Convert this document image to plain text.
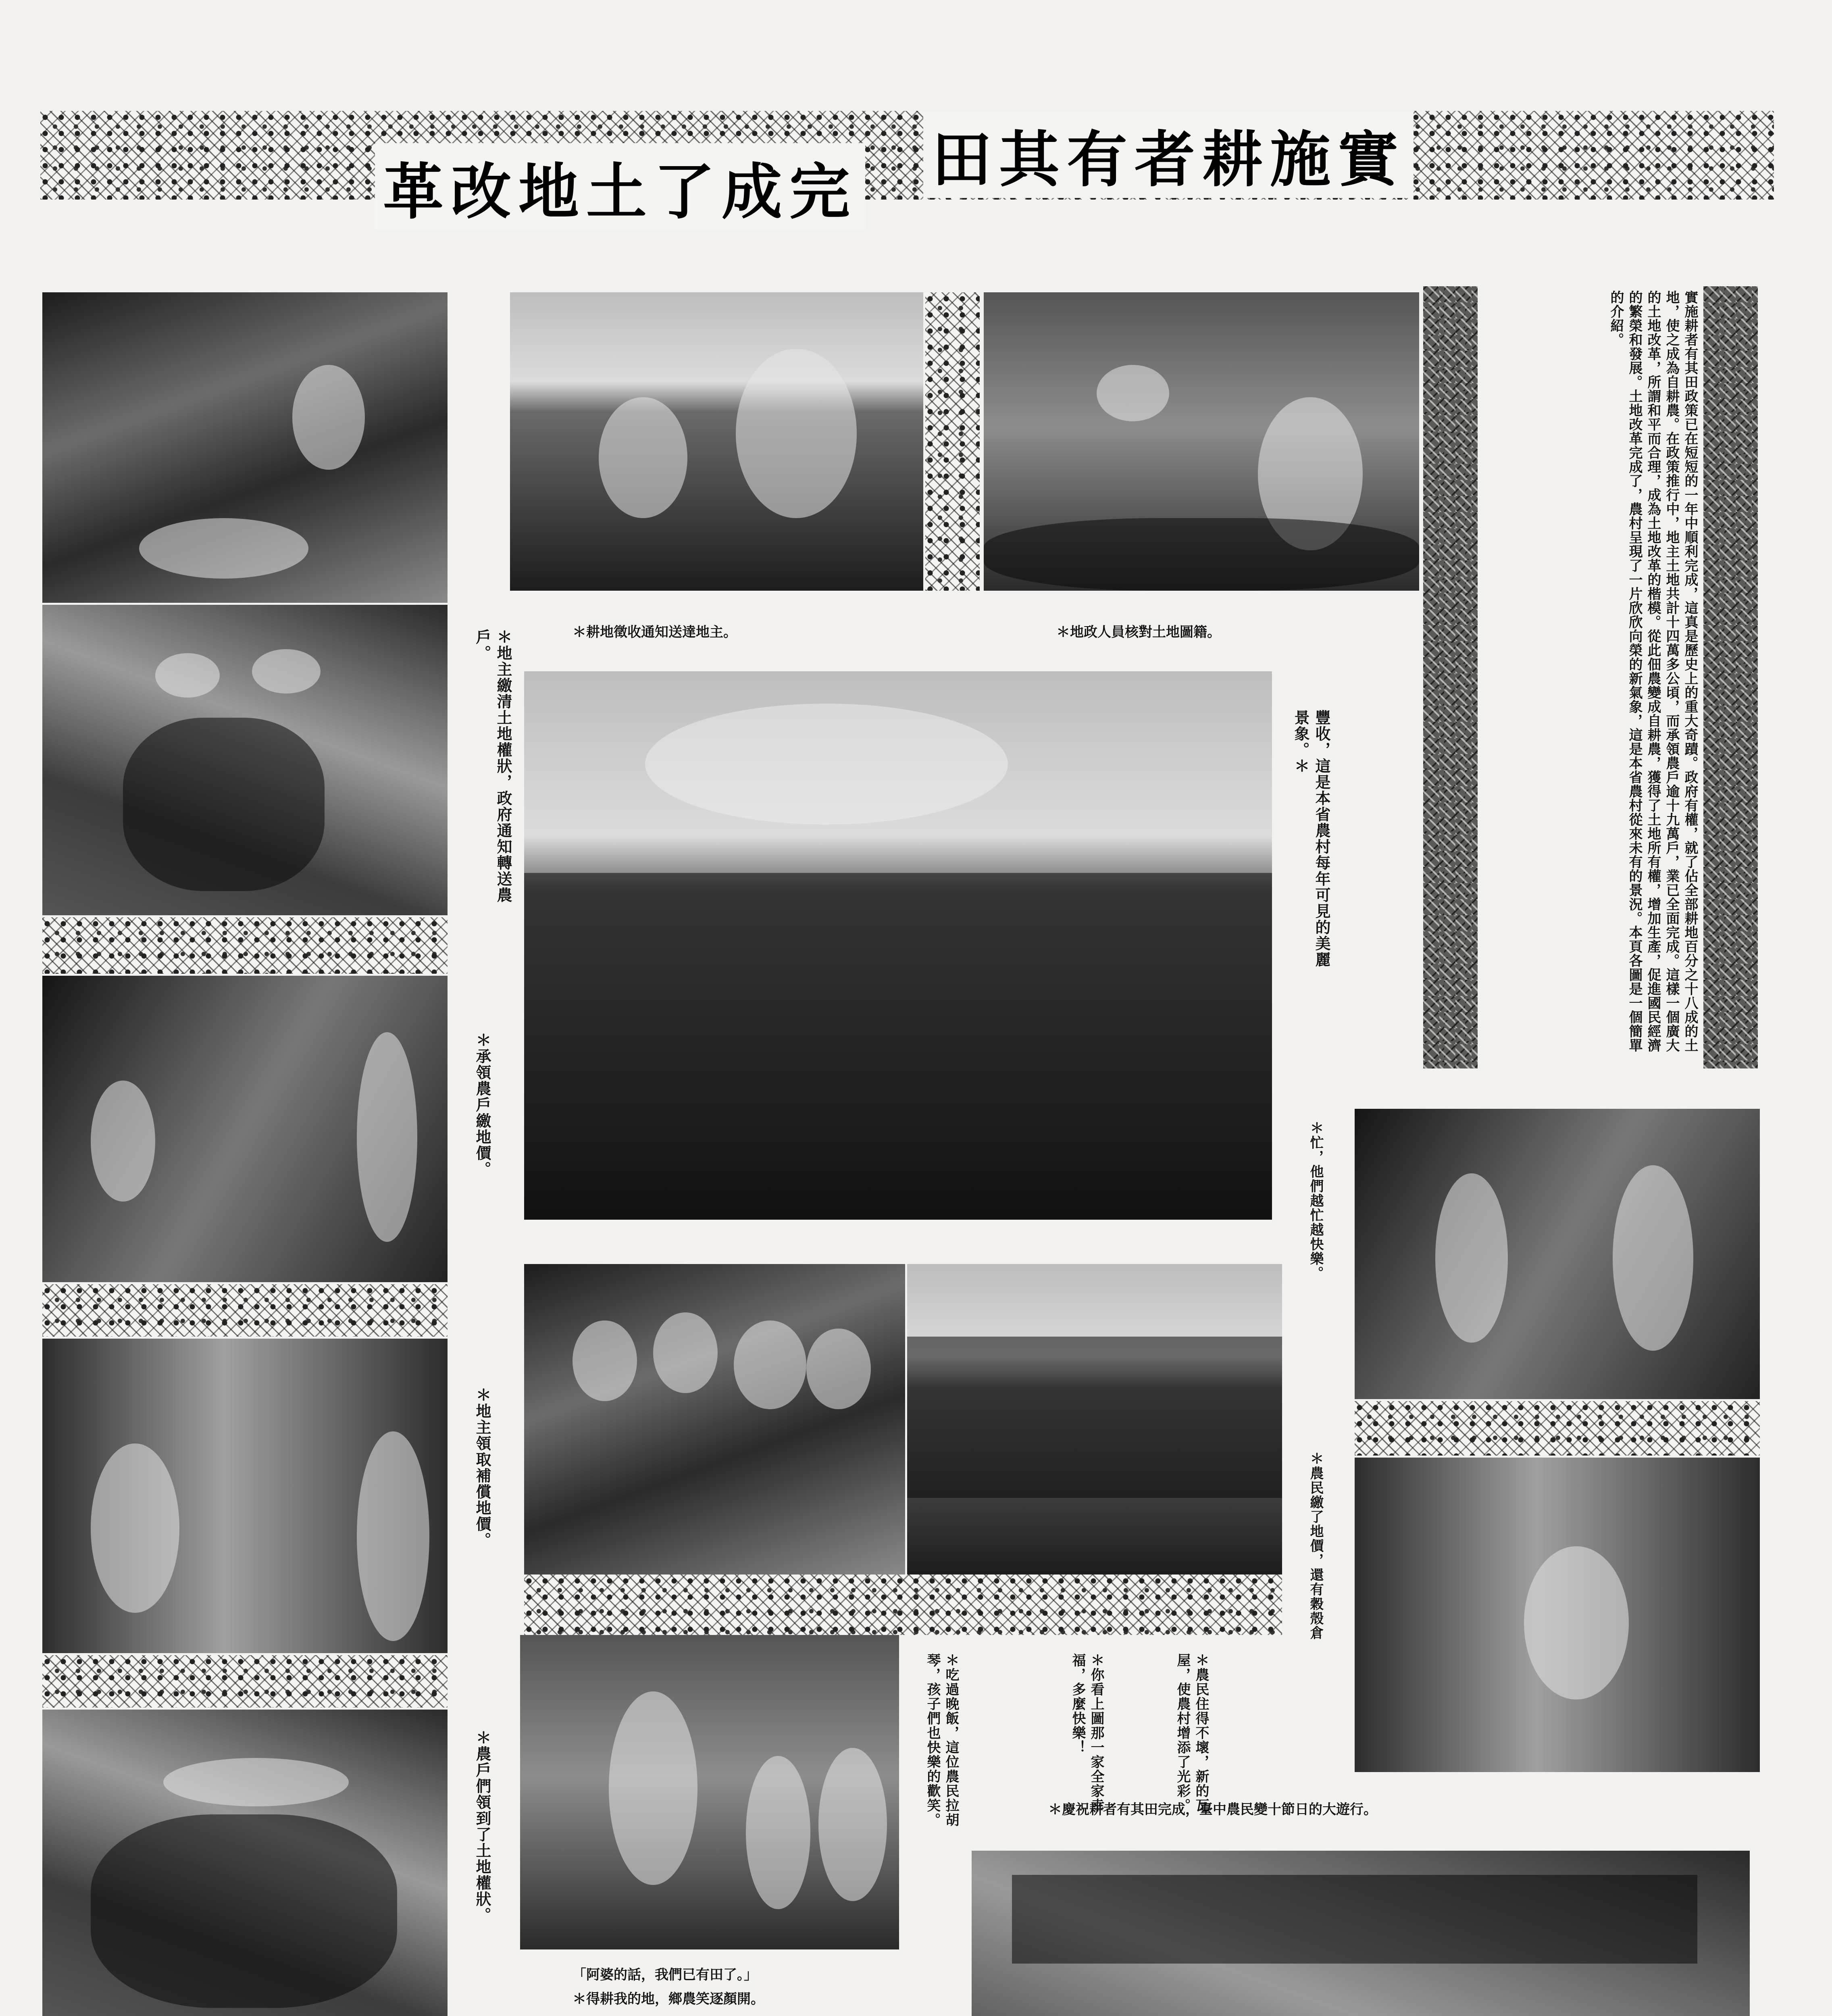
田其有者耕施實
革改地土了成完
＊地主繳清土地權狀，政府通知轉送農戶。
＊承領農戶繳地價。
＊地主領取補償地價。
＊農戶們領到了土地權狀。
＊耕地徵收通知送達地主。	＊地政人員核對土地圖籍。	實施耕者有其田政策已在短短的一年中順利完成，這真是歷史上的重大奇蹟。政府有權，就了佔全部耕地百分之十八成的土地，使之成為自耕農。在政策推行中，地主土地共計十四萬多公頃，而承領農戶逾十九萬戶，業已全面完成。這樣一個廣大的土地改革，所謂和平而合理，成為土地改革的楷模。從此佃農變成自耕農，獲得了土地所有權，增加生產，促進國民經濟的繁榮和發展。土地改革完成了，農村呈現了一片欣欣向榮的新氣象，這是本省農村從來未有的景況。本頁各圖是一個簡單的介紹。
豐收，這是本省農村每年可見的美麗景象。＊
＊忙，他們越忙越快樂。
＊農民繳了地價，還有穀殼倉
＊農民住得不壞，新的瓦屋，使農村增添了光彩。
＊你看上圖那一家全家幸福，多麼快樂！
＊吃過晚飯，這位農民拉胡琴，孩子們也快樂的歡笑。	＊慶祝耕者有其田完成，臺中農民變十節日的大遊行。
「阿婆的話，我們已有田了。」
＊得耕我的地，鄉農笑逐顏開。
